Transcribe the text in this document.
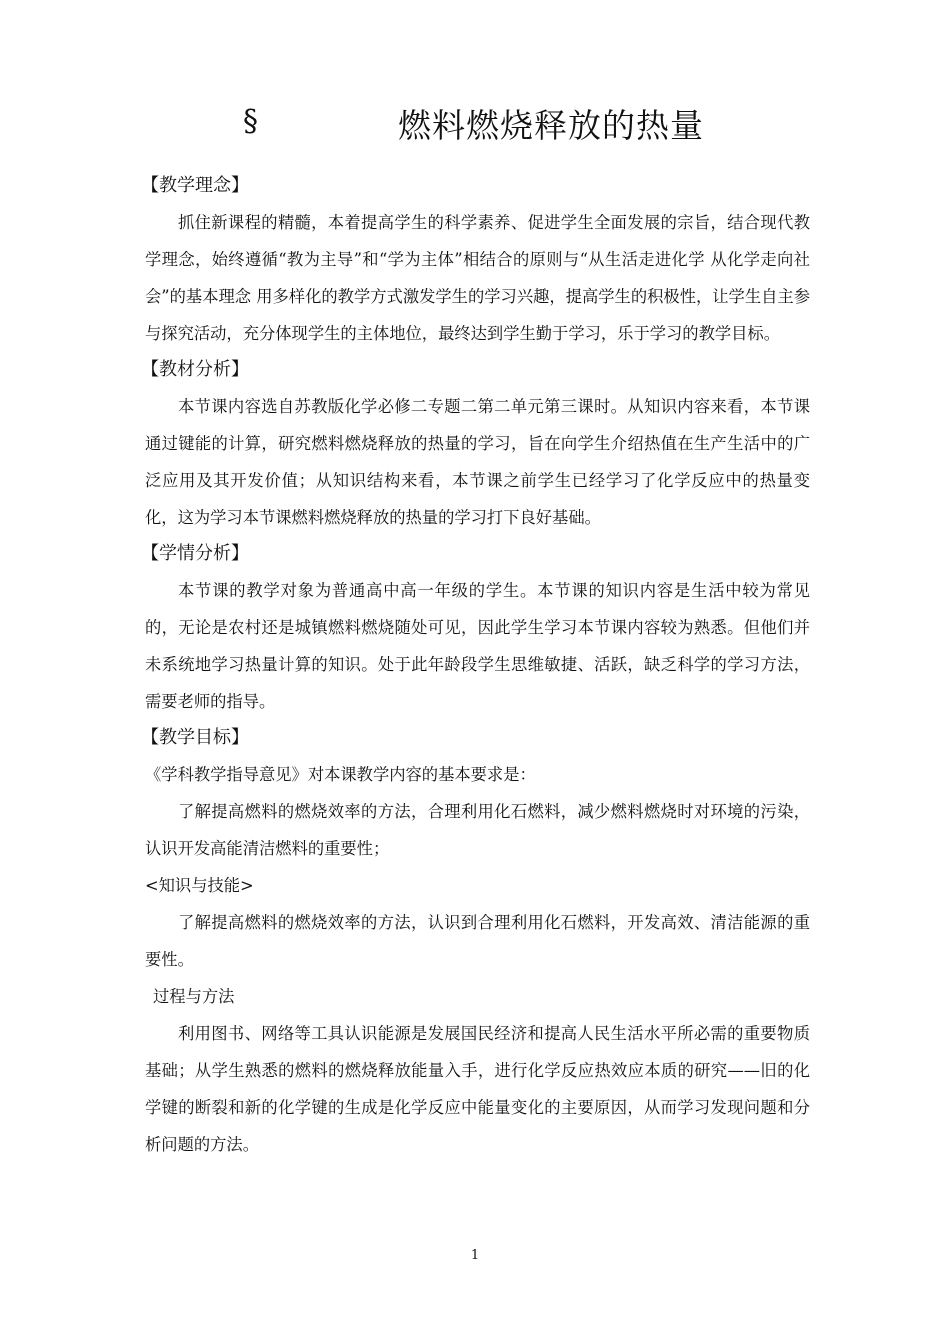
§	燃料燃烧释放的热量
【教学理念】

抓住新课程的精髓，本着提高学生的科学素养、促进学生全面发展的宗旨，结合现代教学理念，始终遵循“教为主导”和“学为主体”相结合的原则与“从生活走进化学 从化学走向社会”的基本理念 用多样化的教学方式激发学生的学习兴趣，提高学生的积极性，让学生自主参与探究活动，充分体现学生的主体地位，最终达到学生勤于学习，乐于学习的教学目标。

【教材分析】

本节课内容选自苏教版化学必修二专题二第二单元第三课时。从知识内容来看，本节课通过键能的计算，研究燃料燃烧释放的热量的学习，旨在向学生介绍热值在生产生活中的广泛应用及其开发价值；从知识结构来看，本节课之前学生已经学习了化学反应中的热量变化，这为学习本节课燃料燃烧释放的热量的学习打下良好基础。

【学情分析】

本节课的教学对象为普通高中高一年级的学生。本节课的知识内容是生活中较为常见的，无论是农村还是城镇燃料燃烧随处可见，因此学生学习本节课内容较为熟悉。但他们并未系统地学习热量计算的知识。处于此年龄段学生思维敏捷、活跃，缺乏科学的学习方法，需要老师的指导。

【教学目标】

《学科教学指导意见》对本课教学内容的基本要求是：

了解提高燃料的燃烧效率的方法，合理利用化石燃料，减少燃料燃烧时对环境的污染，认识开发高能清洁燃料的重要性；

<知识与技能>

了解提高燃料的燃烧效率的方法，认识到合理利用化石燃料，开发高效、清洁能源的重要性。

过程与方法

利用图书、网络等工具认识能源是发展国民经济和提高人民生活水平所必需的重要物质基础；从学生熟悉的燃料的燃烧释放能量入手，进行化学反应热效应本质的研究——旧的化学键的断裂和新的化学键的生成是化学反应中能量变化的主要原因，从而学习发现问题和分析问题的方法。

1
